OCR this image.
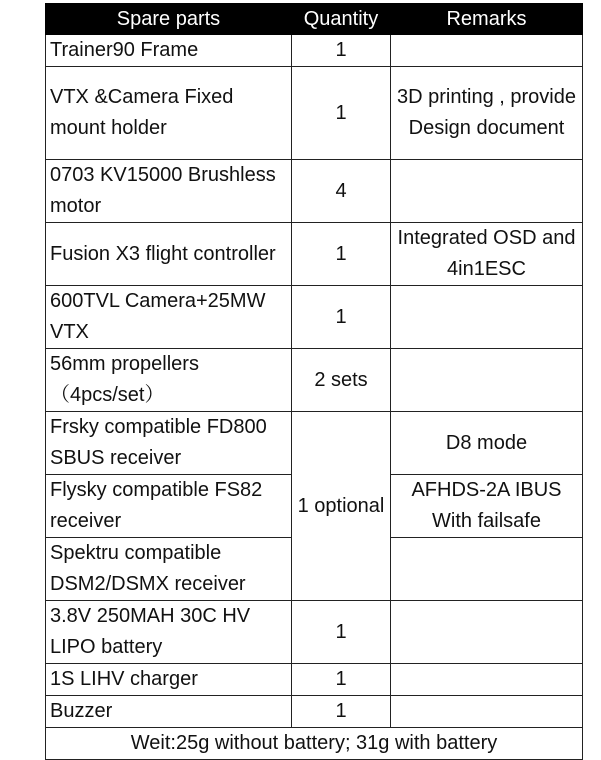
Spare parts	Quantity	Remarks
Trainer90 Frame	1	
VTX &Camera Fixed mount holder	1	3D printing , provide Design document
0703 KV15000 Brushless motor	4	
Fusion X3 flight controller	1	Integrated OSD and 4in1ESC
600TVL Camera+25MW VTX	1	
56mm propellers（4pcs/set）	2 sets	
Frsky compatible FD800 SBUS receiver	1 optional	D8 mode
Flysky compatible FS82 receiver		AFHDS-2A IBUS With failsafe
Spektru compatible DSM2/DSMX receiver		
3.8V 250MAH 30C HV LIPO battery	1	
1S LIHV charger	1	
Buzzer	1	
Weit:25g without battery; 31g with battery		
